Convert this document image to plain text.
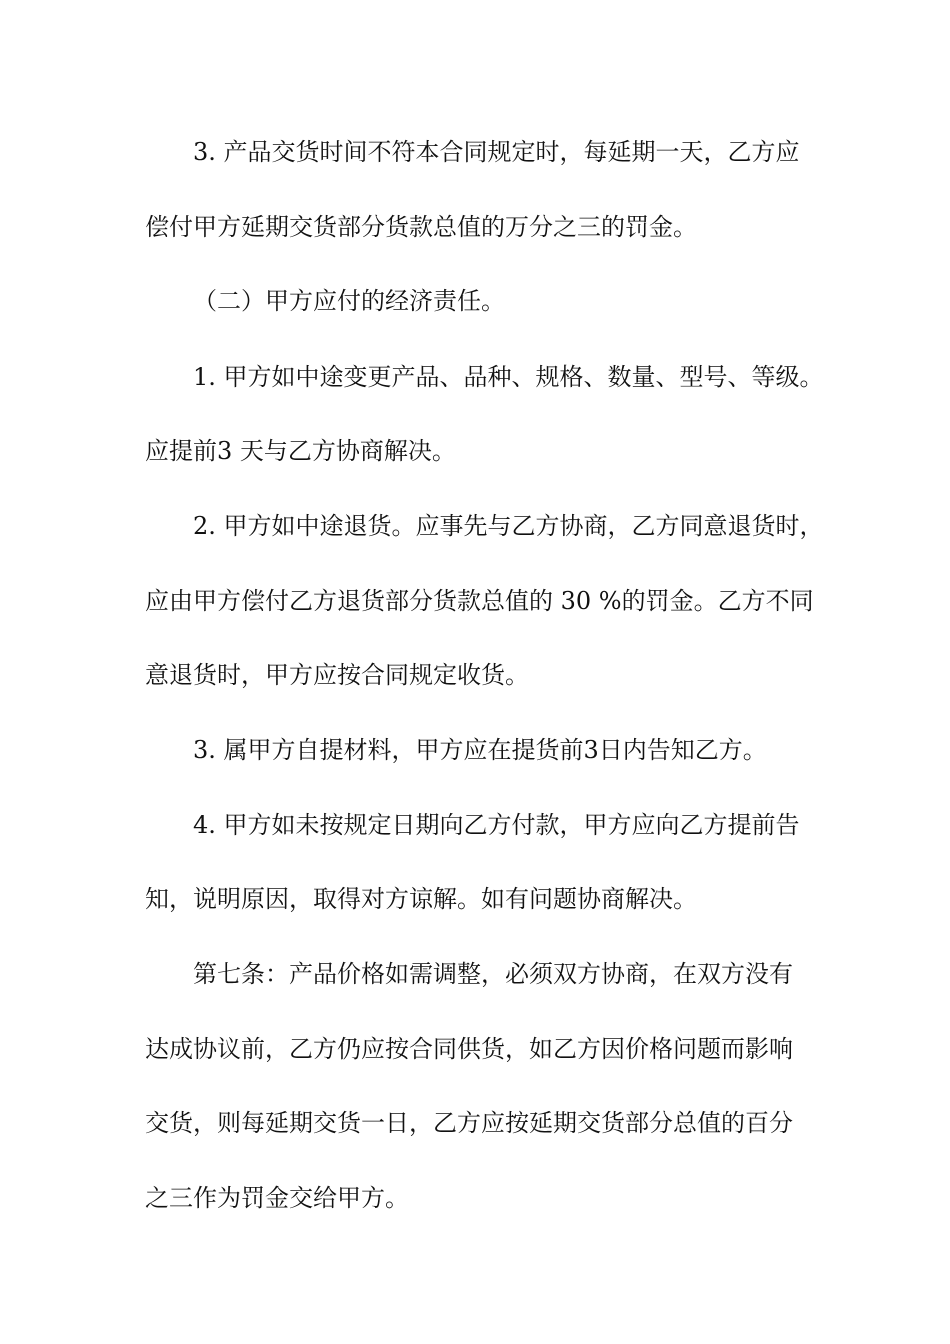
3. 产品交货时间不符本合同规定时，每延期一天，乙方应
偿付甲方延期交货部分货款总值的万分之三的罚金。
（二）甲方应付的经济责任。
1. 甲方如中途变更产品、品种、规格、数量、型号、等级。
应提前3 天与乙方协商解决。
2. 甲方如中途退货。应事先与乙方协商，乙方同意退货时，
应由甲方偿付乙方退货部分货款总值的 30 %的罚金。乙方不同
意退货时，甲方应按合同规定收货。
3. 属甲方自提材料，甲方应在提货前3日内告知乙方。
4. 甲方如未按规定日期向乙方付款，甲方应向乙方提前告
知，说明原因，取得对方谅解。如有问题协商解决。
第七条：产品价格如需调整，必须双方协商，在双方没有
达成协议前，乙方仍应按合同供货，如乙方因价格问题而影响
交货，则每延期交货一日，乙方应按延期交货部分总值的百分
之三作为罚金交给甲方。
